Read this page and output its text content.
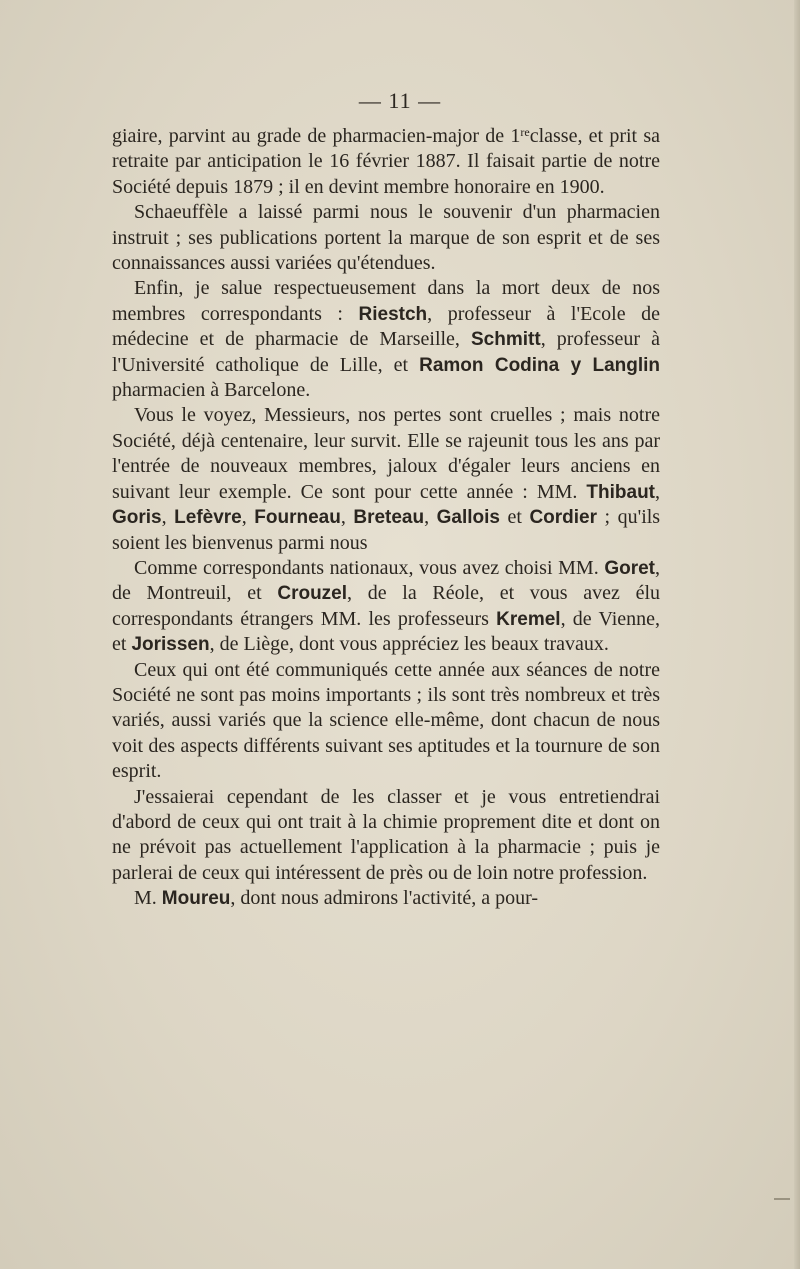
— 11 —

giaire, parvint au grade de pharmacien-major de 1reclasse, et prit sa retraite par anticipation le 16 février 1887. Il faisait partie de notre Société depuis 1879 ; il en devint membre honoraire en 1900.

Schaeuffèle a laissé parmi nous le souvenir d'un pharmacien instruit ; ses publications portent la marque de son esprit et de ses connaissances aussi variées qu'étendues.

Enfin, je salue respectueusement dans la mort deux de nos membres correspondants : Riestch, professeur à l'Ecole de médecine et de pharmacie de Marseille, Schmitt, professeur à l'Université catholique de Lille, et Ramon Codina y Langlin pharmacien à Barcelone.

Vous le voyez, Messieurs, nos pertes sont cruelles ; mais notre Société, déjà centenaire, leur survit. Elle se rajeunit tous les ans par l'entrée de nouveaux membres, jaloux d'égaler leurs anciens en suivant leur exemple. Ce sont pour cette année : MM. Thibaut, Goris, Lefèvre, Fourneau, Breteau, Gallois et Cordier ; qu'ils soient les bienvenus parmi nous

Comme correspondants nationaux, vous avez choisi MM. Goret, de Montreuil, et Crouzel, de la Réole, et vous avez élu correspondants étrangers MM. les professeurs Kremel, de Vienne, et Jorissen, de Liège, dont vous appréciez les beaux travaux.

Ceux qui ont été communiqués cette année aux séances de notre Société ne sont pas moins importants ; ils sont très nombreux et très variés, aussi variés que la science elle-même, dont chacun de nous voit des aspects différents suivant ses aptitudes et la tournure de son esprit.

J'essaierai cependant de les classer et je vous entretiendrai d'abord de ceux qui ont trait à la chimie proprement dite et dont on ne prévoit pas actuellement l'application à la pharmacie ; puis je parlerai de ceux qui intéressent de près ou de loin notre profession.

M. Moureu, dont nous admirons l'activité, a pour-
